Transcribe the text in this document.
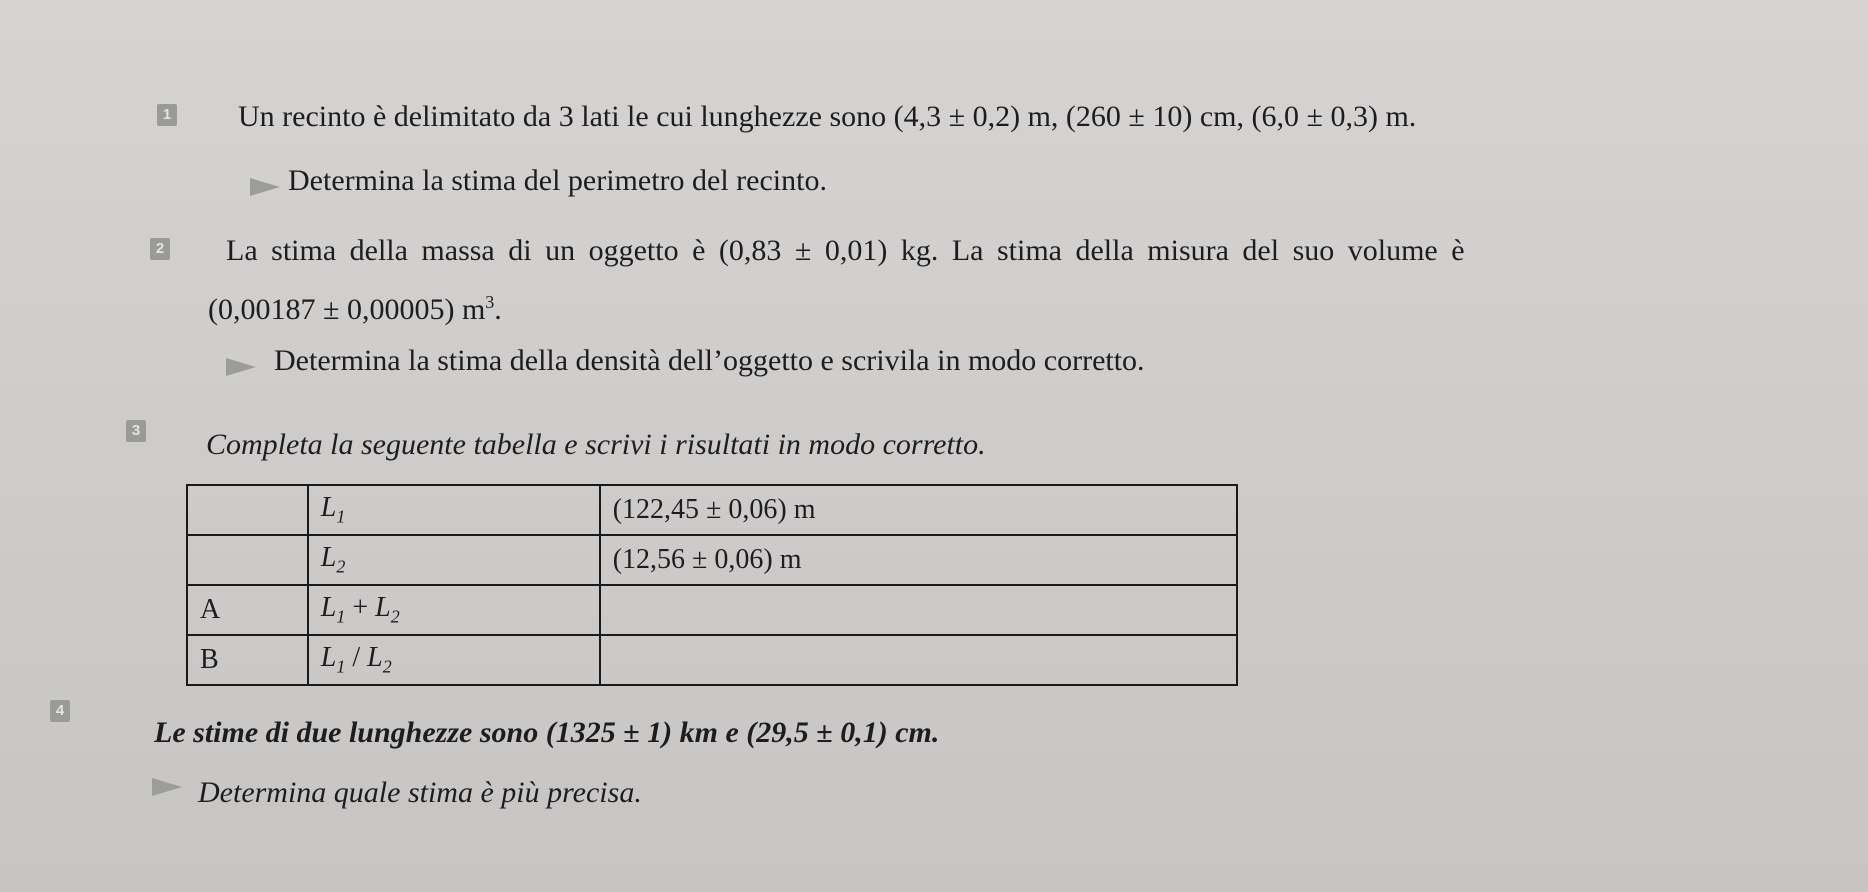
1 Un recinto è delimitato da 3 lati le cui lunghezze sono (4,3 ± 0,2) m, (260 ± 10) cm, (6,0 ± 0,3) m.
Determina la stima del perimetro del recinto.
2 La stima della massa di un oggetto è (0,83 ± 0,01) kg. La stima della misura del suo volume è
(0,00187 ± 0,00005) $m^3$.
Determina la stima della densità dell’oggetto e scrivila in modo corretto.
3 Completa la seguente tabella e scrivi i risultati in modo corretto.
	$L_1$	(122,45 ± 0,06) m
	$L_2$	(12,56 ± 0,06) m
A	$L_1 + L_2$	
B	$L_1 / L_2$	
4
Le stime di due lunghezze sono (1325 ± 1) km e (29,5 ± 0,1) cm.
Determina quale stima è più precisa.
